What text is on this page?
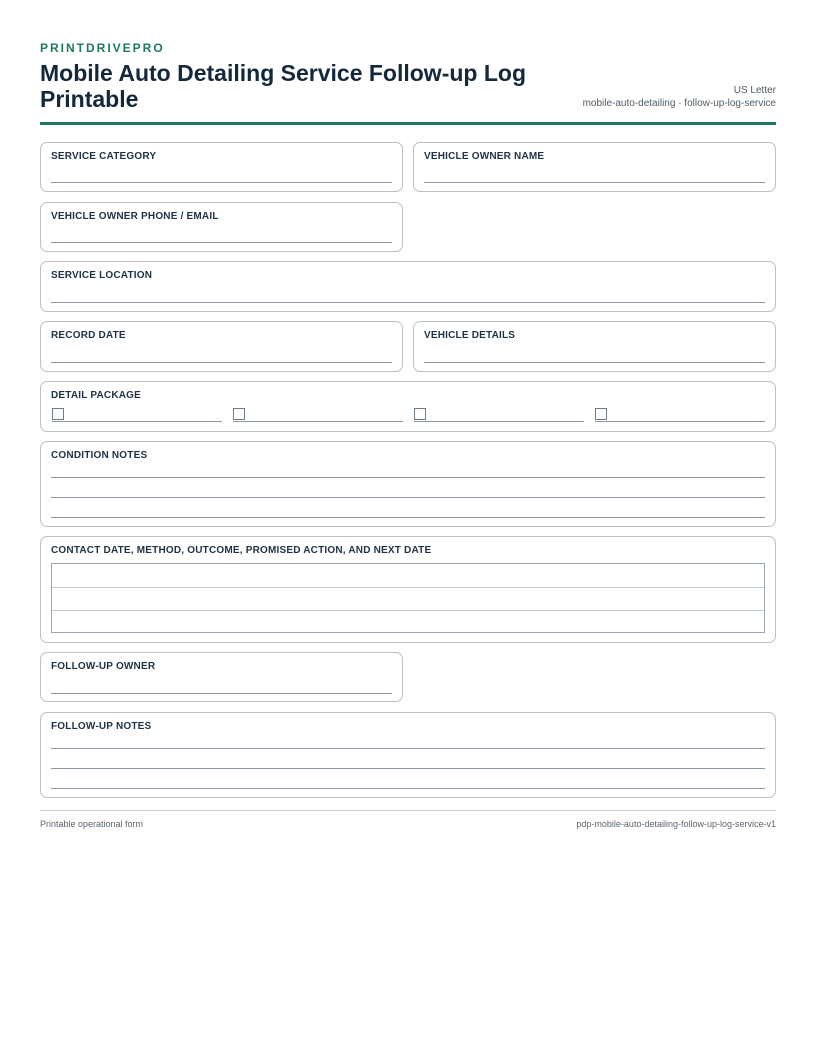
PRINTDRIVEPRO
Mobile Auto Detailing Service Follow-up Log Printable	US Letter
mobile-auto-detailing · follow-up-log-service
SERVICE CATEGORY	VEHICLE OWNER NAME
VEHICLE OWNER PHONE / EMAIL
SERVICE LOCATION
RECORD DATE	VEHICLE DETAILS
DETAIL PACKAGE
CONDITION NOTES
CONTACT DATE, METHOD, OUTCOME, PROMISED ACTION, AND NEXT DATE
FOLLOW-UP OWNER
FOLLOW-UP NOTES
Printable operational form	pdp-mobile-auto-detailing-follow-up-log-service-v1
